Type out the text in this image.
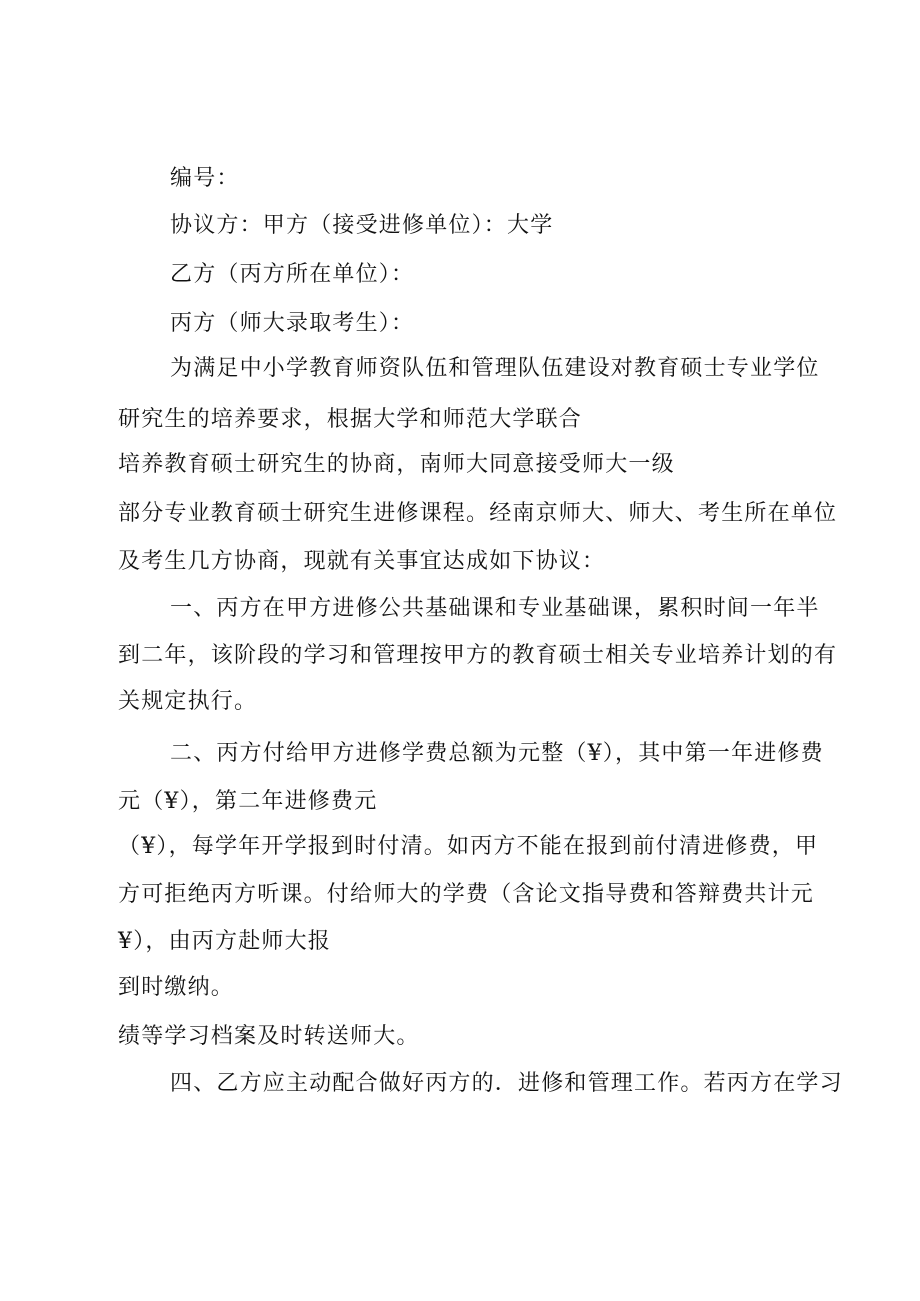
编号：
协议方：甲方（接受进修单位）：大学
乙方（丙方所在单位）：
丙方（师大录取考生）：
为满足中小学教育师资队伍和管理队伍建设对教育硕士专业学位
研究生的培养要求，根据大学和师范大学联合
培养教育硕士研究生的协商，南师大同意接受师大一级
部分专业教育硕士研究生进修课程。经南京师大、师大、考生所在单位
及考生几方协商，现就有关事宜达成如下协议：
一、丙方在甲方进修公共基础课和专业基础课，累积时间一年半
到二年，该阶段的学习和管理按甲方的教育硕士相关专业培养计划的有
关规定执行。
二、丙方付给甲方进修学费总额为元整（¥），其中第一年进修费
元（¥），第二年进修费元
（¥），每学年开学报到时付清。如丙方不能在报到前付清进修费，甲
方可拒绝丙方听课。付给师大的学费（含论文指导费和答辩费共计元
¥），由丙方赴师大报
到时缴纳。
绩等学习档案及时转送师大。
四、乙方应主动配合做好丙方的．进修和管理工作。若丙方在学习
